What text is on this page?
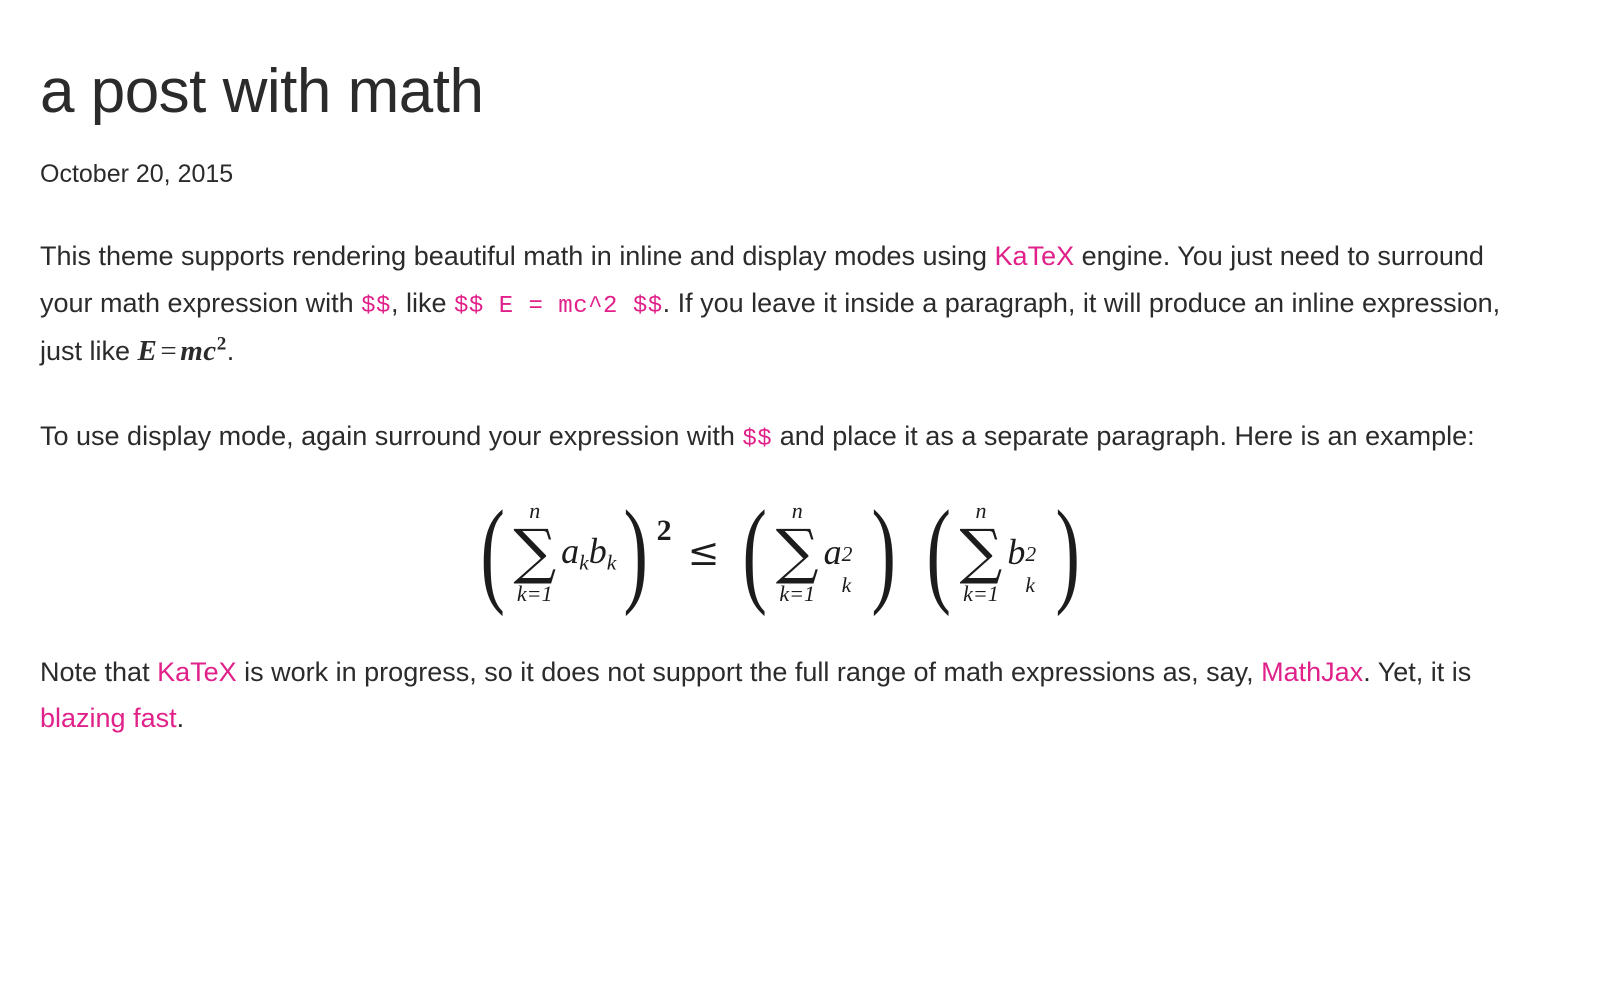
a post with math
October 20, 2015

This theme supports rendering beautiful math in inline and display modes using KaTeX engine. You just need to surround your math expression with $$, like $$ E = mc^2 $$. If you leave it inside a paragraph, it will produce an inline expression, just like $E = mc^2$.

To use display mode, again surround your expression with $$ and place it as a separate paragraph. Here is an example:

( n
∑
k=1
$a_kb_k$ ) 2 ≤ ( n
∑
k=1
a 2
k ) ( n
∑
k=1
b 2
k )

Note that KaTeX is work in progress, so it does not support the full range of math expressions as, say, MathJax. Yet, it is blazing fast.
